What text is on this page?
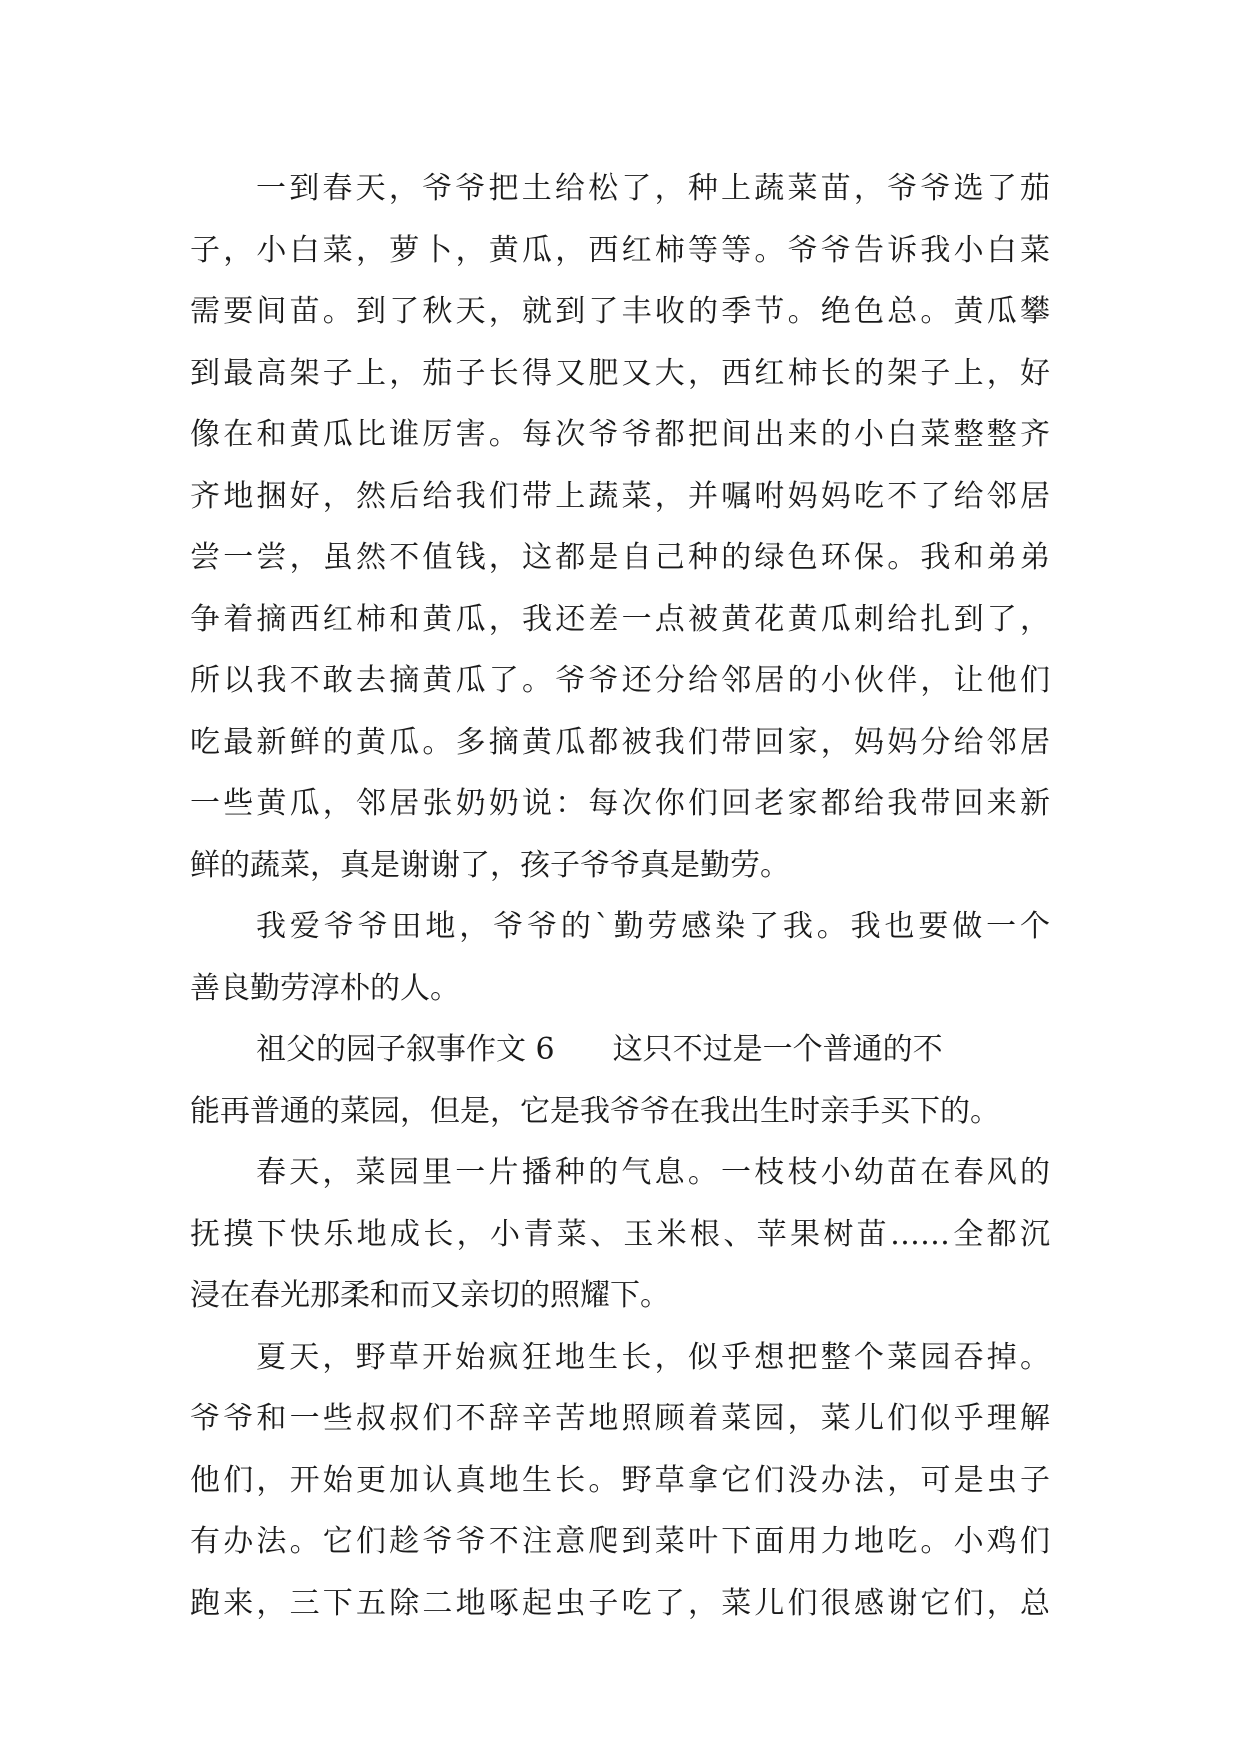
一到春天，爷爷把土给松了，种上蔬菜苗，爷爷选了茄
子，小白菜，萝卜，黄瓜，西红柿等等。爷爷告诉我小白菜
需要间苗。到了秋天，就到了丰收的季节。绝色总。黄瓜攀
到最高架子上，茄子长得又肥又大，西红柿长的架子上，好
像在和黄瓜比谁厉害。每次爷爷都把间出来的小白菜整整齐
齐地捆好，然后给我们带上蔬菜，并嘱咐妈妈吃不了给邻居
尝一尝，虽然不值钱，这都是自己种的绿色环保。我和弟弟
争着摘西红柿和黄瓜，我还差一点被黄花黄瓜刺给扎到了，
所以我不敢去摘黄瓜了。爷爷还分给邻居的小伙伴，让他们
吃最新鲜的黄瓜。多摘黄瓜都被我们带回家，妈妈分给邻居
一些黄瓜，邻居张奶奶说：每次你们回老家都给我带回来新
鲜的蔬菜，真是谢谢了，孩子爷爷真是勤劳。
我爱爷爷田地，爷爷的`勤劳感染了我。我也要做一个
善良勤劳淳朴的人。
祖父的园子叙事作文 6 这只不过是一个普通的不
能再普通的菜园，但是，它是我爷爷在我出生时亲手买下的。
春天，菜园里一片播种的气息。一枝枝小幼苗在春风的
抚摸下快乐地成长，小青菜、玉米根、苹果树苗……全都沉
浸在春光那柔和而又亲切的照耀下。
夏天，野草开始疯狂地生长，似乎想把整个菜园吞掉。
爷爷和一些叔叔们不辞辛苦地照顾着菜园，菜儿们似乎理解
他们，开始更加认真地生长。野草拿它们没办法，可是虫子
有办法。它们趁爷爷不注意爬到菜叶下面用力地吃。小鸡们
跑来，三下五除二地啄起虫子吃了，菜儿们很感谢它们，总
